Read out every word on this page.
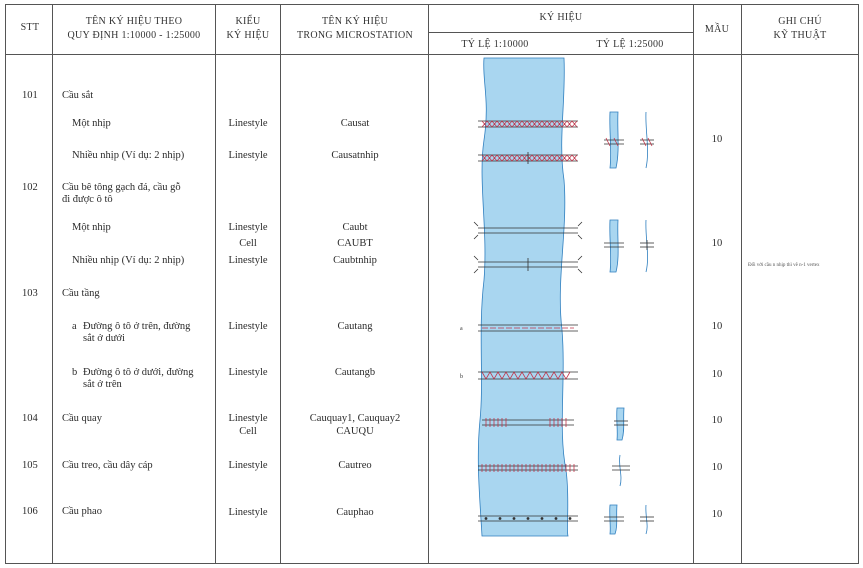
STT
TÊN KÝ HIỆU THEO
QUY ĐỊNH 1:10000 - 1:25000
KIỂU
KÝ HIỆU
TÊN KÝ HIỆU
TRONG MICROSTATION
KÝ HIỆU
TỶ LỆ 1:10000	TỶ LỆ 1:25000
MẦU
GHI CHÚ
KỸ THUẬT
101
102
103
104
105
106
Cầu sắt
Một nhịp
Nhiều nhịp (Ví dụ: 2 nhịp)
Cầu bê tông gạch đá, cầu gỗ
đi được ô tô
Một nhịp
Nhiều nhịp (Ví dụ: 2 nhịp)
Cầu tầng
a Đường ô tô ở trên, đường
sắt ở dưới
b Đường ô tô ở dưới, đường
sắt ở trên
Cầu quay
Cầu treo, cầu dây cáp
Cầu phao
Linestyle
Linestyle
Linestyle
Cell
Linestyle
Linestyle
Linestyle
Linestyle
Cell
Linestyle
Linestyle
Causat
Causatnhip
Caubt
CAUBT
Caubtnhip
Cautang
Cautangb
Cauquay1, Cauquay2
CAUQU
Cautreo
Cauphao
10
10
10
10
10
10
10
Đối với cầu n nhịp thì vẽ n-1 vertex
a
b
